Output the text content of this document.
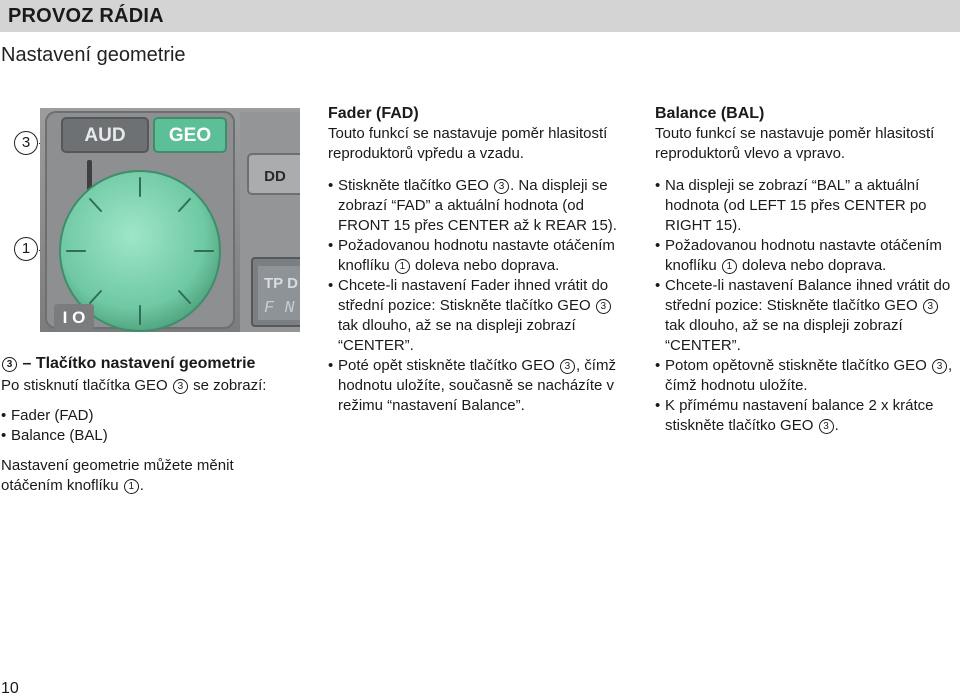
PROVOZ RÁDIA
Nastavení geometrie
3
1
AUD GEO
I O
DD
TP D
F N

3 – Tlačítko nastavení geometrie

Po stisknutí tlačítka GEO 3 se zobrazí:

• Fader (FAD)

• Balance (BAL)

Nastavení geometrie můžete měnit otáčením knoflíku 1 .

Fader (FAD)

Touto funkcí se nastavuje poměr hlasitostí reproduktorů vpředu a vzadu.

• Stiskněte tlačítko GEO 3 . Na displeji se zobrazí “FAD” a aktuální hodnota (od FRONT 15 přes CENTER až k REAR 15).

• Požadovanou hodnotu nastavte otáčením knoflíku 1 doleva nebo doprava.

• Chcete-li nastavení Fader ihned vrátit do střední pozice: Stiskněte tlačítko GEO 3 tak dlouho, až se na displeji zobrazí “CENTER”.

• Poté opět stiskněte tlačítko GEO 3 , čímž hodnotu uložíte, současně se nacházíte v režimu “nastavení Balance”.

Balance (BAL)

Touto funkcí se nastavuje poměr hlasitostí reproduktorů vlevo a vpravo.

• Na displeji se zobrazí “BAL” a aktuální hodnota (od LEFT 15 přes CENTER po RIGHT 15).

• Požadovanou hodnotu nastavte otáčením knoflíku 1 doleva nebo doprava.

• Chcete-li nastavení Balance ihned vrátit do střední pozice: Stiskněte tlačítko GEO 3 tak dlouho, až se na displeji zobrazí “CENTER”.

• Potom opětovně stiskněte tlačítko GEO 3 , čímž hodnotu uložíte.

• K přímému nastavení balance 2 x krátce stiskněte tlačítko GEO 3 .

10
